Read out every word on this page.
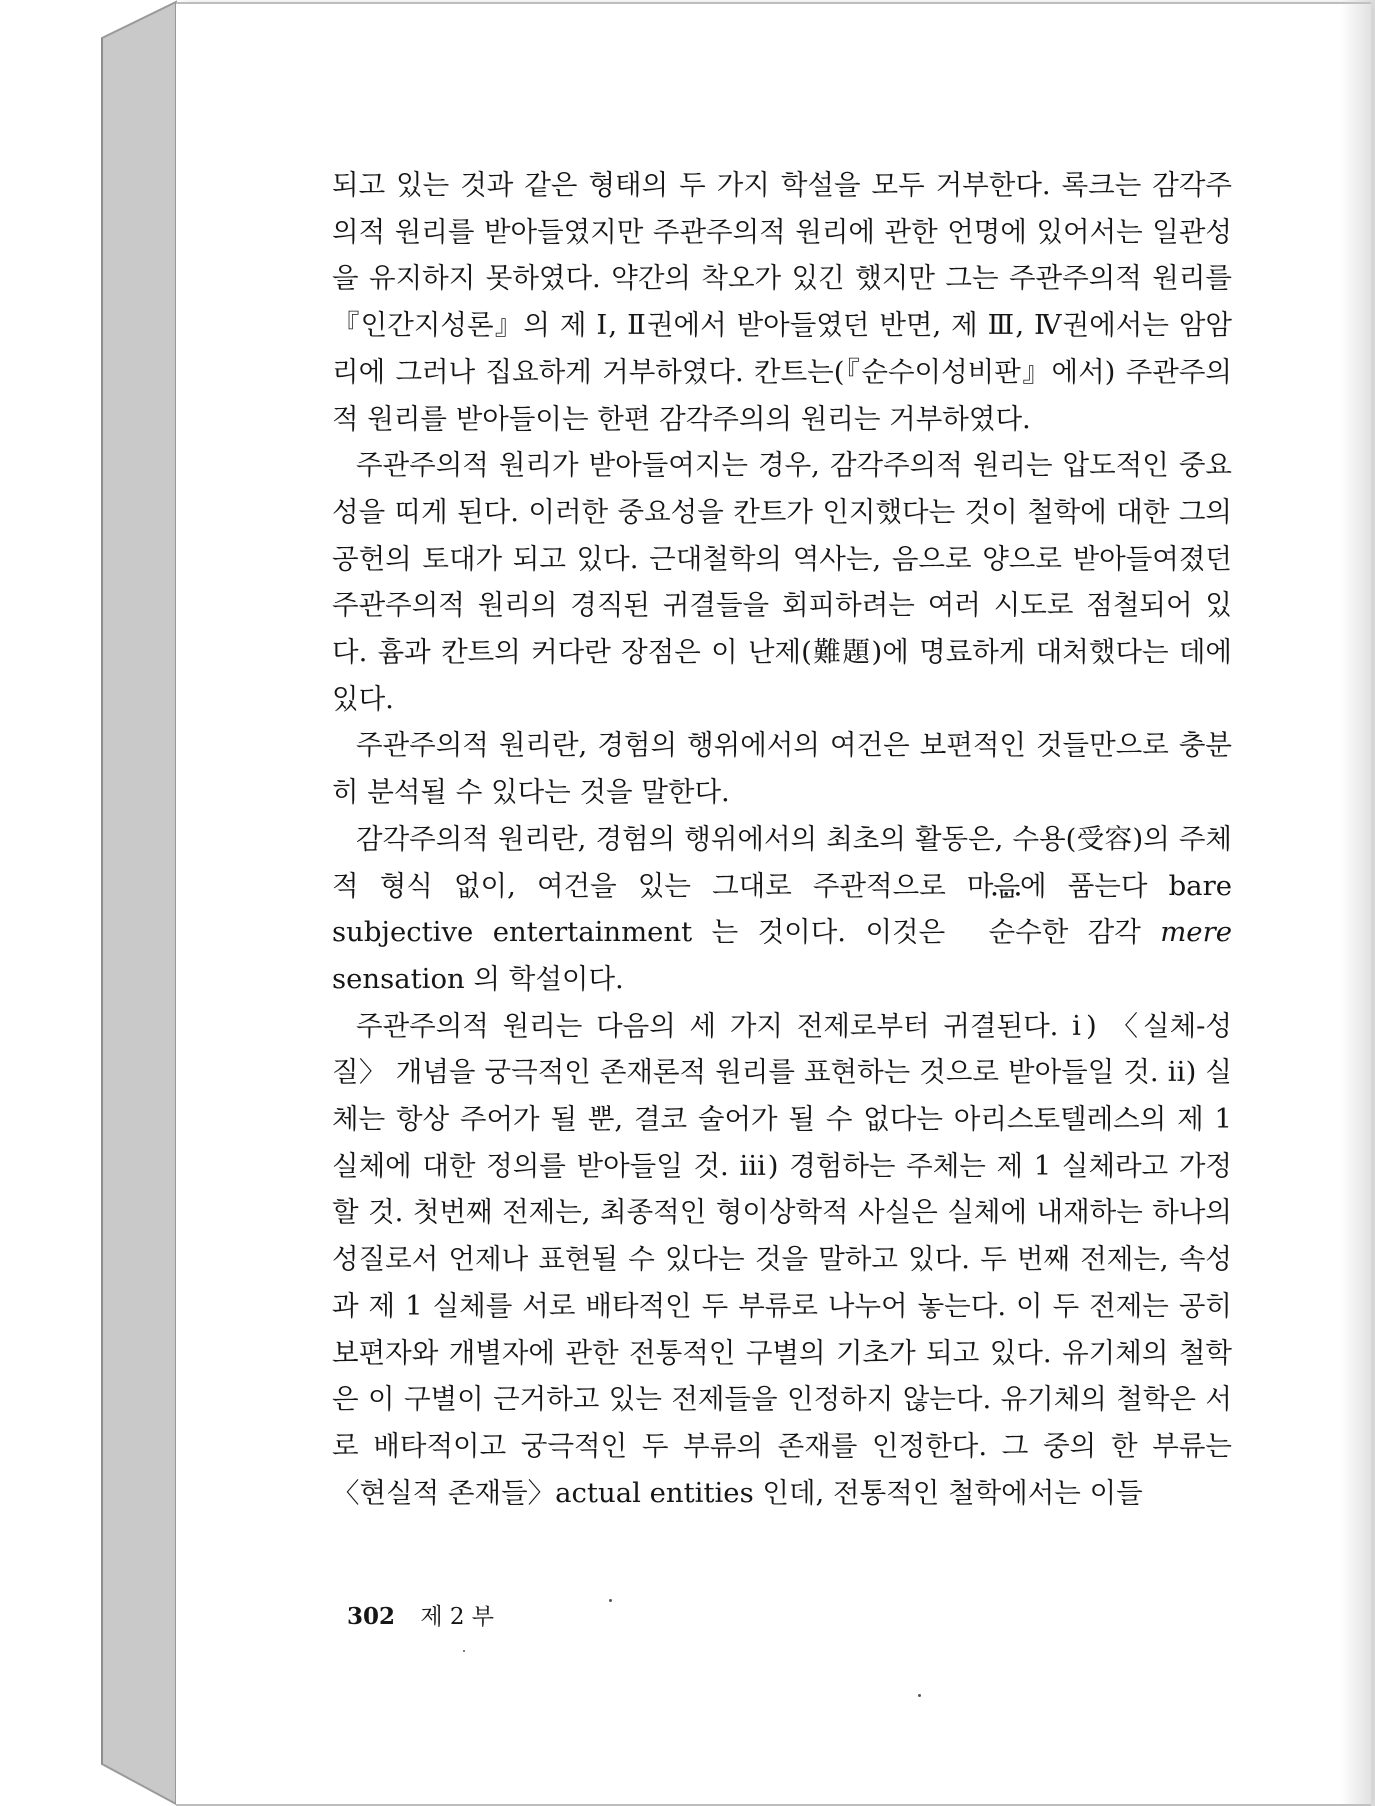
되고 있는 것과 같은 형태의 두 가지 학설을 모두 거부한다. 록크는 감각주의적 원리를 받아들였지만 주관주의적 원리에 관한 언명에 있어서는 일관성을 유지하지 못하였다. 약간의 착오가 있긴 했지만 그는 주관주의적 원리를 『인간지성론』의 제 Ⅰ, Ⅱ권에서 받아들였던 반면, 제 Ⅲ, Ⅳ권에서는 암암리에 그러나 집요하게 거부하였다. 칸트는(『순수이성비판』에서) 주관주의적 원리를 받아들이는 한편 감각주의의 원리는 거부하였다.

주관주의적 원리가 받아들여지는 경우, 감각주의적 원리는 압도적인 중요성을 띠게 된다. 이러한 중요성을 칸트가 인지했다는 것이 철학에 대한 그의 공헌의 토대가 되고 있다. 근대철학의 역사는, 음으로 양으로 받아들여졌던 주관주의적 원리의 경직된 귀결들을 회피하려는 여러 시도로 점철되어 있다. 흄과 칸트의 커다란 장점은 이 난제(難題)에 명료하게 대처했다는 데에 있다.

주관주의적 원리란, 경험의 행위에서의 여건은 보편적인 것들만으로 충분히 분석될 수 있다는 것을 말한다.

감각주의적 원리란, 경험의 행위에서의 최초의 활동은, 수용(受容)의 주체적 형식 없이, 여건을 있는 그대로 주관적으로 마음에 품는다 bare subjective entertainment 는 것이다. 이것은 • • • 순수한 감각 mere sensation 의 학설이다.

주관주의적 원리는 다음의 세 가지 전제로부터 귀결된다. ⅰ) 〈실체-성질〉 개념을 궁극적인 존재론적 원리를 표현하는 것으로 받아들일 것. ⅱ) 실체는 항상 주어가 될 뿐, 결코 술어가 될 수 없다는 아리스토텔레스의 제 1 실체에 대한 정의를 받아들일 것. ⅲ) 경험하는 주체는 제 1 실체라고 가정할 것. 첫번째 전제는, 최종적인 형이상학적 사실은 실체에 내재하는 하나의 성질로서 언제나 표현될 수 있다는 것을 말하고 있다. 두 번째 전제는, 속성과 제 1 실체를 서로 배타적인 두 부류로 나누어 놓는다. 이 두 전제는 공히 보편자와 개별자에 관한 전통적인 구별의 기초가 되고 있다. 유기체의 철학은 이 구별이 근거하고 있는 전제들을 인정하지 않는다. 유기체의 철학은 서로 배타적이고 궁극적인 두 부류의 존재를 인정한다. 그 중의 한 부류는 〈현실적 존재들〉actual entities 인데, 전통적인 철학에서는 이들

302 제 2 부
